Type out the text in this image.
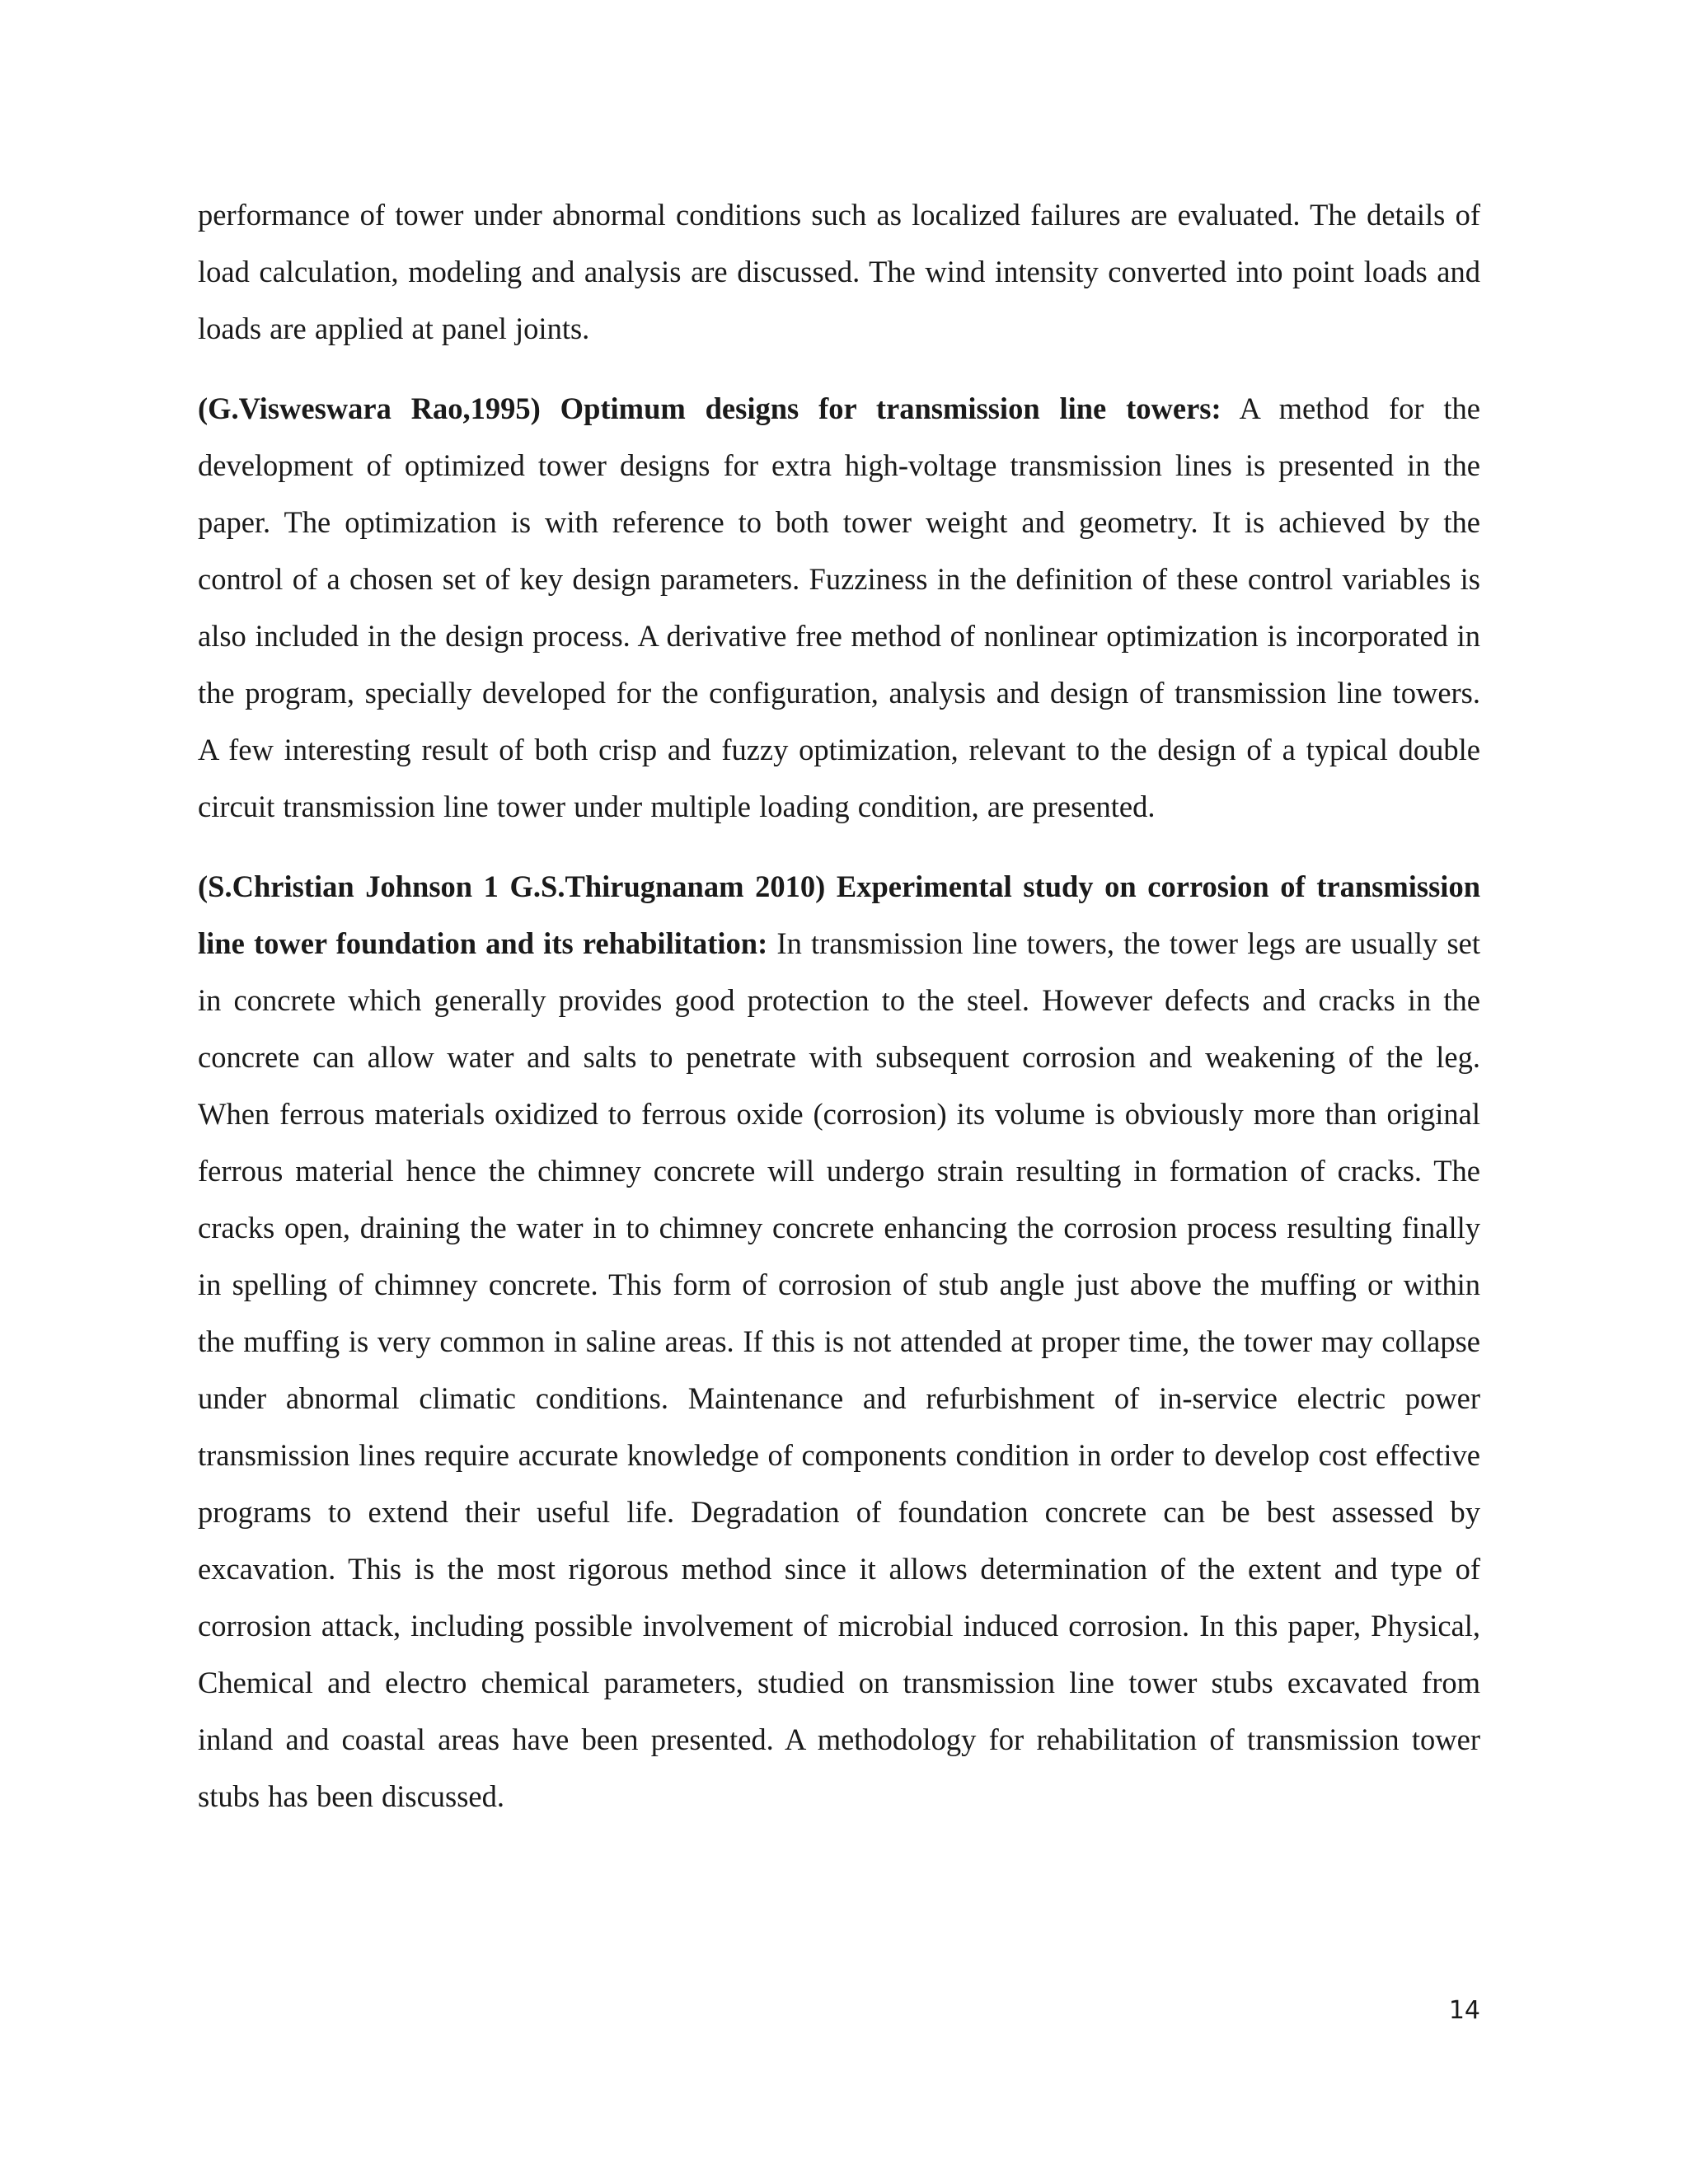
performance of tower under abnormal conditions such as localized failures are evaluated. The details of load calculation, modeling and analysis are discussed. The wind intensity converted into point loads and loads are applied at panel joints.

(G.Visweswara Rao,1995) Optimum designs for transmission line towers: A method for the development of optimized tower designs for extra high-voltage transmission lines is presented in the paper. The optimization is with reference to both tower weight and geometry. It is achieved by the control of a chosen set of key design parameters. Fuzziness in the definition of these control variables is also included in the design process. A derivative free method of nonlinear optimization is incorporated in the program, specially developed for the configuration, analysis and design of transmission line towers. A few interesting result of both crisp and fuzzy optimization, relevant to the design of a typical double circuit transmission line tower under multiple loading condition, are presented.

(S.Christian Johnson 1 G.S.Thirugnanam 2010) Experimental study on corrosion of transmission line tower foundation and its rehabilitation: In transmission line towers, the tower legs are usually set in concrete which generally provides good protection to the steel. However defects and cracks in the concrete can allow water and salts to penetrate with subsequent corrosion and weakening of the leg. When ferrous materials oxidized to ferrous oxide (corrosion) its volume is obviously more than original ferrous material hence the chimney concrete will undergo strain resulting in formation of cracks. The cracks open, draining the water in to chimney concrete enhancing the corrosion process resulting finally in spelling of chimney concrete. This form of corrosion of stub angle just above the muffing or within the muffing is very common in saline areas. If this is not attended at proper time, the tower may collapse under abnormal climatic conditions. Maintenance and refurbishment of in-service electric power transmission lines require accurate knowledge of components condition in order to develop cost effective programs to extend their useful life. Degradation of foundation concrete can be best assessed by excavation. This is the most rigorous method since it allows determination of the extent and type of corrosion attack, including possible involvement of microbial induced corrosion. In this paper, Physical, Chemical and electro chemical parameters, studied on transmission line tower stubs excavated from inland and coastal areas have been presented. A methodology for rehabilitation of transmission tower stubs has been discussed.

14
